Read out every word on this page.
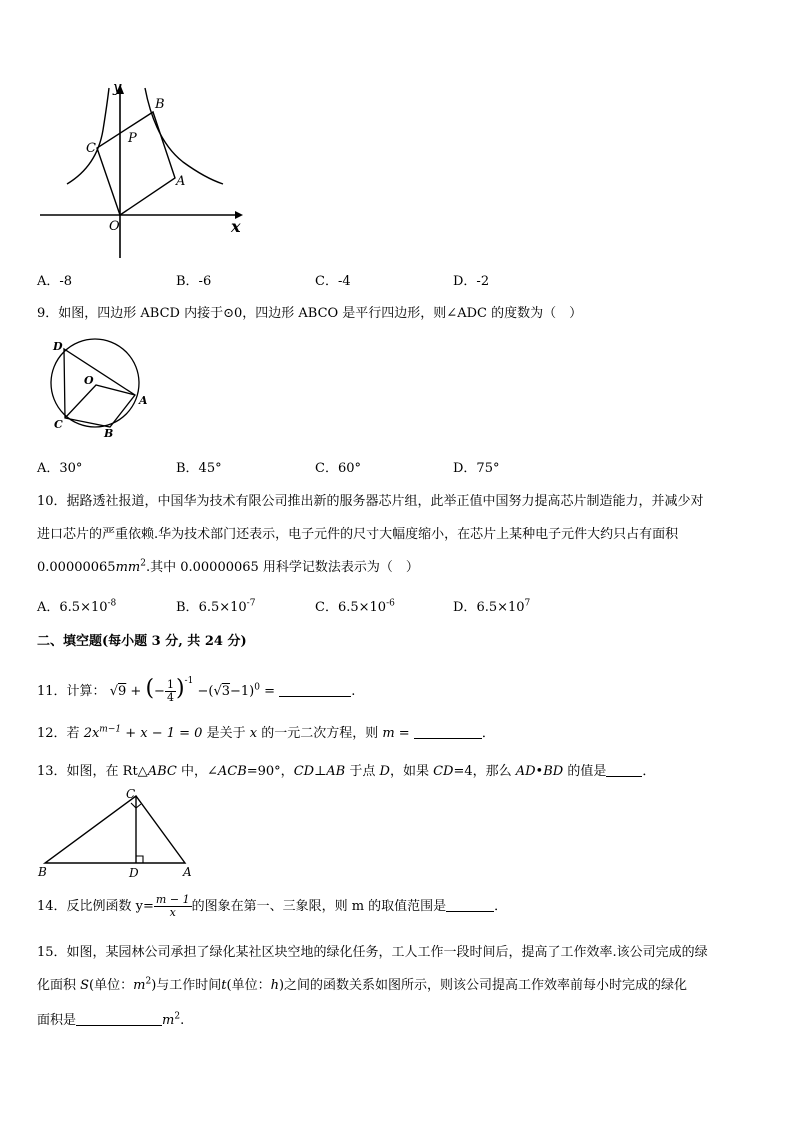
y
x
O
A
B
C
P
A．-8	B．-6	C．-4	D．-2
9．如图，四边形 ABCD 内接于⊙0，四边形 ABCO 是平行四边形，则∠ADC 的度数为（　）
D
O
A
B
C
A．30°	B．45°	C．60°	D．75°
10．据路透社报道，中国华为技术有限公司推出新的服务器芯片组，此举正值中国努力提高芯片制造能力，并减少对
进口芯片的严重依赖.华为技术部门还表示，电子元件的尺寸大幅度缩小，在芯片上某种电子元件大约只占有面积
$0.00000065mm^2$.其中 0.00000065 用科学记数法表示为（　）
A．$6.5\times 10^{-8}$	B．$6.5\times 10^{-7}$	C．$6.5\times 10^{-6}$	D．$6.5\times 10^7$
二、填空题(每小题 3 分, 共 24 分)
11．计算： √9 + (− $\frac{1}{4} )^{-1} -(√3-1)^0$ =	.
12．若 $2x^{m-1} + x - 1 = 0$ 是关于 x 的一元二次方程，则 m =	．
13．如图，在 Rt△ABC 中，∠ACB=90°，CD⊥AB 于点 D，如果 CD=4，那么 AD•BD 的值是	．
B	D	A
C
14．反比例函数 $y= \frac{m - 1}{x}$ 的图象在第一、三象限，则 m 的取值范围是	．
15．如图，某园林公司承担了绿化某社区块空地的绿化任务，工人工作一段时间后，提高了工作效率.该公司完成的绿
化面积 S(单位：$m^2$)与工作时间t(单位：h)之间的函数关系如图所示，则该公司提高工作效率前每小时完成的绿化
面积是	$m^2$.
